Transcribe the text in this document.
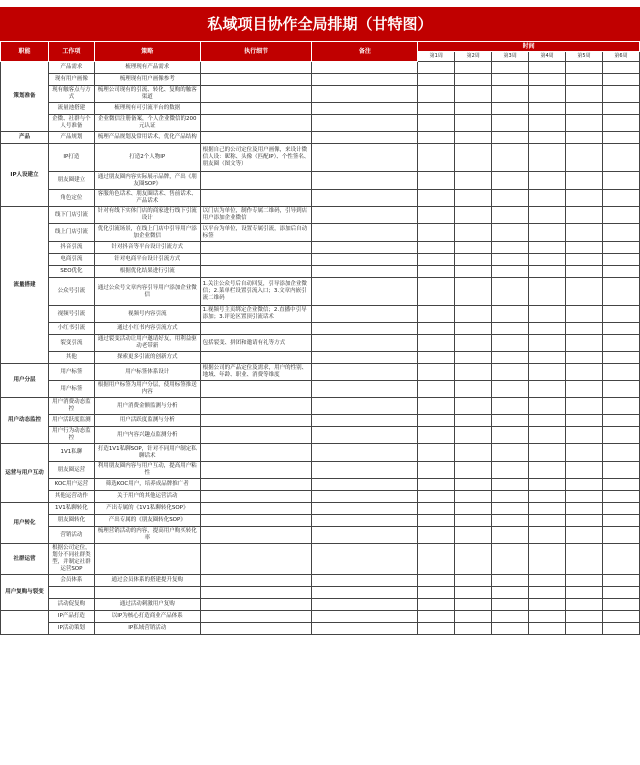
私域项目协作全局排期（甘特图）
职能	工作项	策略	执行细节	备注	时间					
					第1周	第2周	第3周	第4周	第5周	第6周
策划准备	产品需求	梳理现有产品需求								
	现有用户画像	梳理现有用户画像参考								
	现有触客点与方式	梳理公司现有的引流、转化、复购的触客渠道								
	流量池搭建	梳理现有可引流平台的数据								
	企微、社群与个人号准备	企业微信注册备案，个人企业微信的200元认证								
产品	产品规划	梳理产品规划及常用话术，优化产品结构								
IP人设建立	IP打造	打造2个人物IP	根据自己的公司定位及用户画像，来设计微信人设：昵称、头像（匹配IP）、个性签名、朋友圈（图文等）							
	朋友圈建立	通过朋友圈内容实际展示品牌，产出《朋友圈SOP》								
	角色定位	客服角色话术、朋友圈话术、售前话术、产品话术								
流量搭建	线下门店引流	针对有线下实体门店的商家进行线下引流设计	以门店为单位，制作专属二维码，引导到店用户添加企业微信							
	线上门店引流	优化引流场景，在线上门店中引导用户添加企业微信	以平台为单位，设置专属引流，添加后自动标签							
	抖音引流	针对抖音等平台设计引流方式								
	电商引流	针对电商平台设计引流方式								
	SEO优化	根据优化结果进行引流								
	公众号引流	通过公众号文章内容引导用户添加企业微信	1.关注公众号后自动回复，引导添加企业微信；2.菜单栏设置引流入口；3.文章内嵌引流二维码							
	视频号引流	视频号内容引流	1.视频号主页绑定企业微信；2.直播中引导添加；3.评论区置顶引流话术							
	小红书引流	通过小红书内容引流方式								
	裂变引流	通过裂变活动让用户邀请好友，用利益驱动老带新	包括裂变、拼团和邀请有礼等方式							
	其他	探索更多引流的创新方式								
用户分层	用户标签	用户标签体系设计	根据公司的产品定位及需求，用户的性别、地域、年龄、职业、消费等维度							
	用户标签	根据用户标签为用户分层，使用标签推送内容								
用户动态监控	用户消费动态监控	用户消费金额监测与分析								
	用户活跃度监测	用户活跃度监测与分析								
	用户行为动态监控	用户内容兴趣点监测分析								
运营与用户互动	1V1私聊	打造1V1私聊SOP，针对不同用户制定私聊话术								
	朋友圈运营	利用朋友圈内容与用户互动，提高用户粘性								
	KOC用户运营	筛选KOC用户，培养成品牌推广者								
	其他运营动作	关于用户的其他运营活动								
用户转化	1V1私聊转化	产出专属的《1V1私聊转化SOP》								
	朋友圈转化	产出专属的《朋友圈转化SOP》								
	营销活动	梳理营销活动的内容，提高用户购买转化率								
社群运营	根据公司定位，划分不同社群类型，并制定社群运营SOP									
用户复购与裂变	会员体系	通过会员体系的搭建提升复购								

	活动促复购	通过活动刺激用户复购								
	IP产品打造	以IP为核心打造商业产品体系								
	IP活动策划	IP私域营销活动								
